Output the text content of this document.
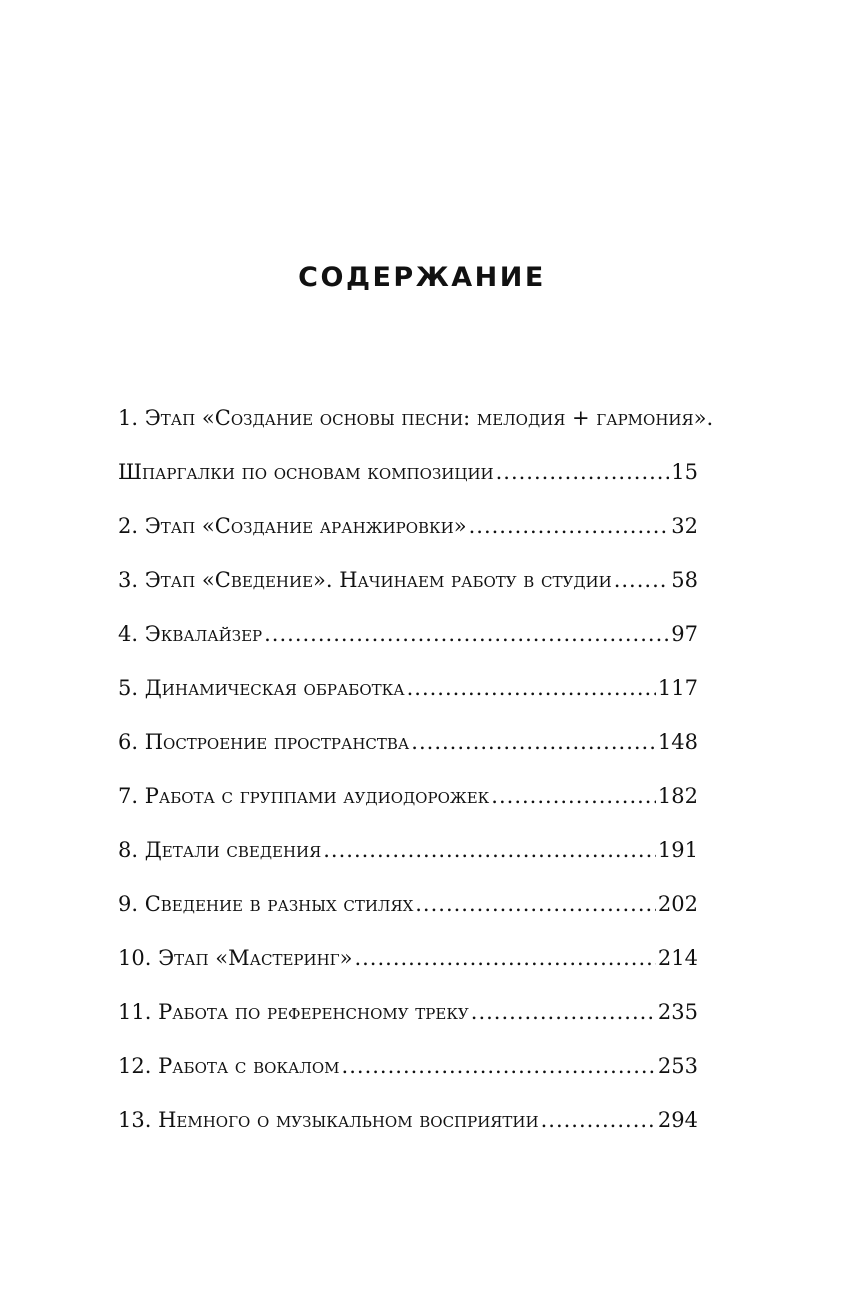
СОДЕРЖАНИЕ
1. Этап «Создание основы песни: мелодия + гармония».
Шпаргалки по основам композиции .....	15
2. Этап «Создание аранжировки» .....	32
3. Этап «Сведение». Начинаем работу в студии .....	58
4. Эквалайзер .....	97
5. Динамическая обработка .....	117
6. Построение пространства .....	148
7. Работа с группами аудиодорожек .....	182
8. Детали сведения .....	191
9. Сведение в разных стилях .....	202
10. Этап «Мастеринг» .....	214
11. Работа по референсному треку .....	235
12. Работа с вокалом .....	253
13. Немного о музыкальном восприятии .....	294
